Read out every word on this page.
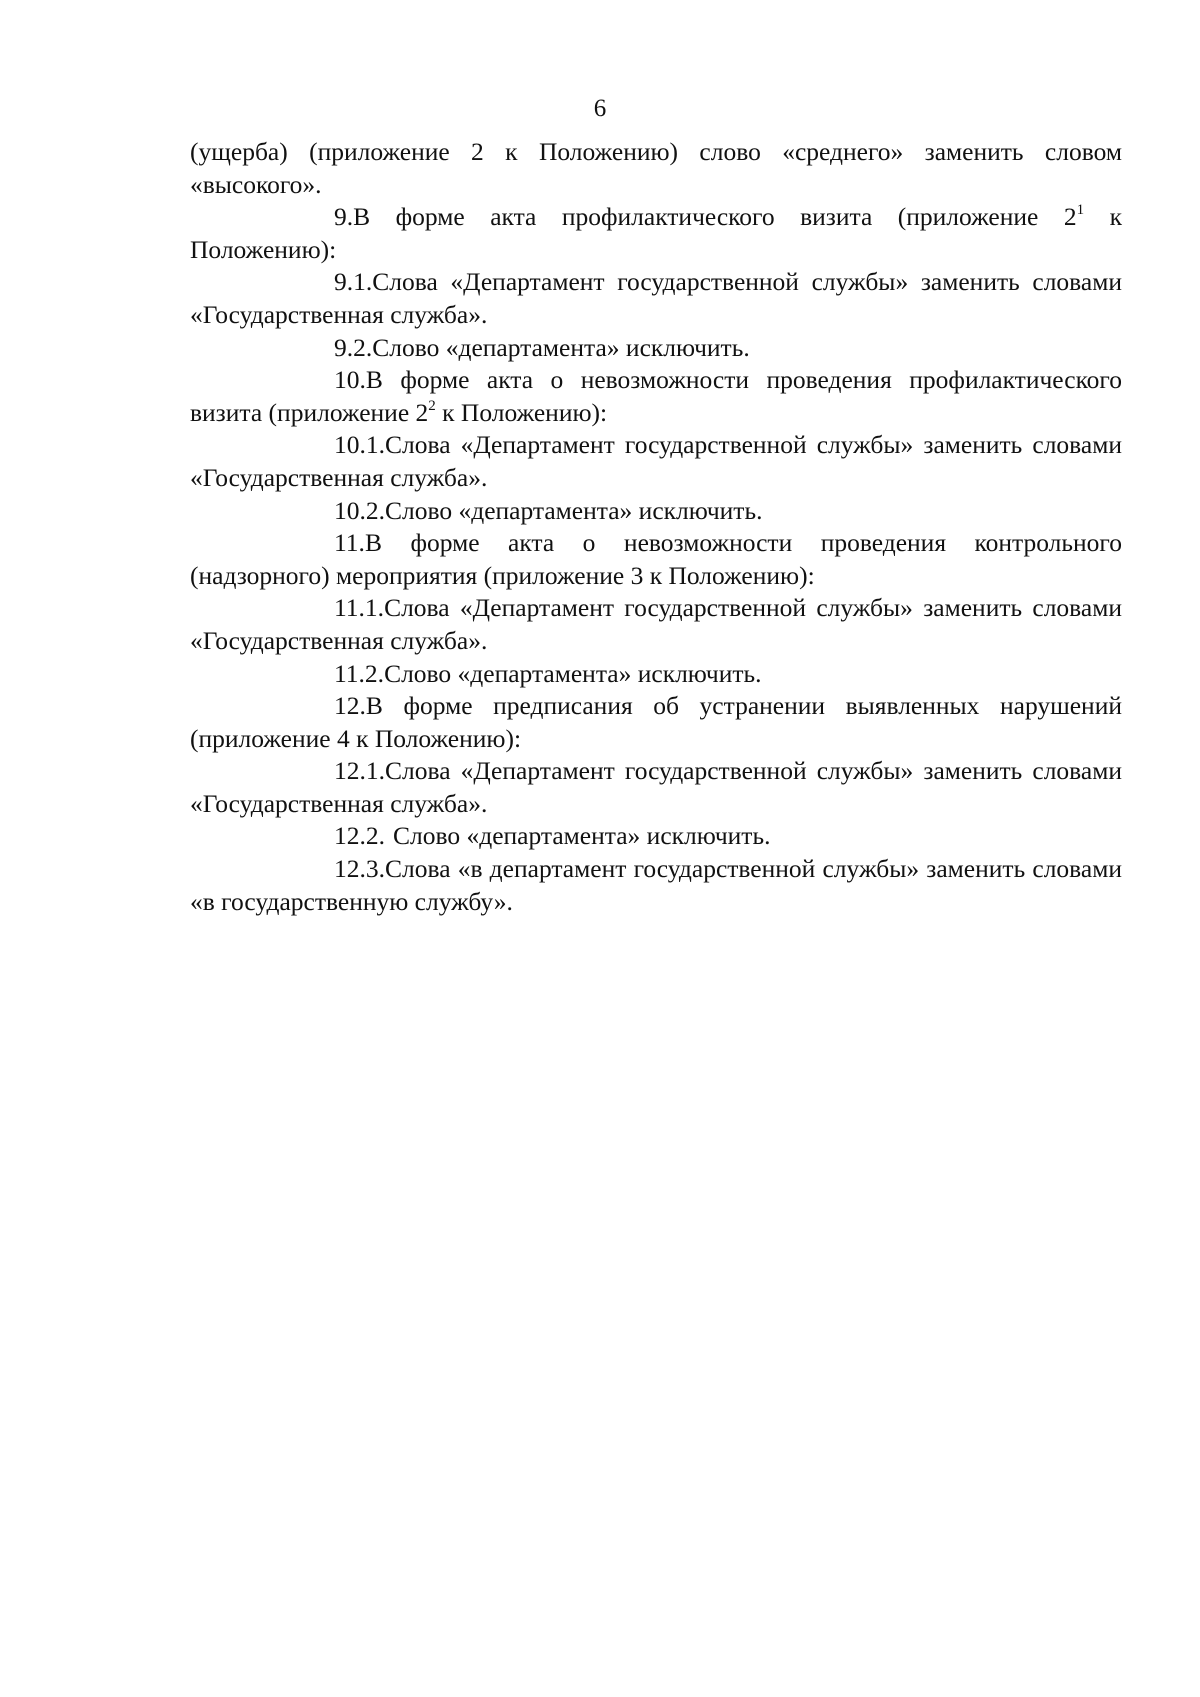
6

(ущерба) (приложение 2 к Положению) слово «среднего» заменить словом «высокого».

9.В форме акта профилактического визита (приложение $2^1$ к Положению):

9.1.Слова «Департамент государственной службы» заменить словами «Государственная служба».

9.2.Слово «департамента» исключить.

10.В форме акта о невозможности проведения профилактического визита (приложение $2^2$ к Положению):

10.1.Слова «Департамент государственной службы» заменить словами «Государственная служба».

10.2.Слово «департамента» исключить.

11.В форме акта о невозможности проведения контрольного (надзорного) мероприятия (приложение 3 к Положению):

11.1.Слова «Департамент государственной службы» заменить словами «Государственная служба».

11.2.Слово «департамента» исключить.

12.В форме предписания об устранении выявленных нарушений (приложение 4 к Положению):

12.1.Слова «Департамент государственной службы» заменить словами «Государственная служба».

12.2. Слово «департамента» исключить.

12.3.Слова «в департамент государственной службы» заменить словами «в государственную службу».
